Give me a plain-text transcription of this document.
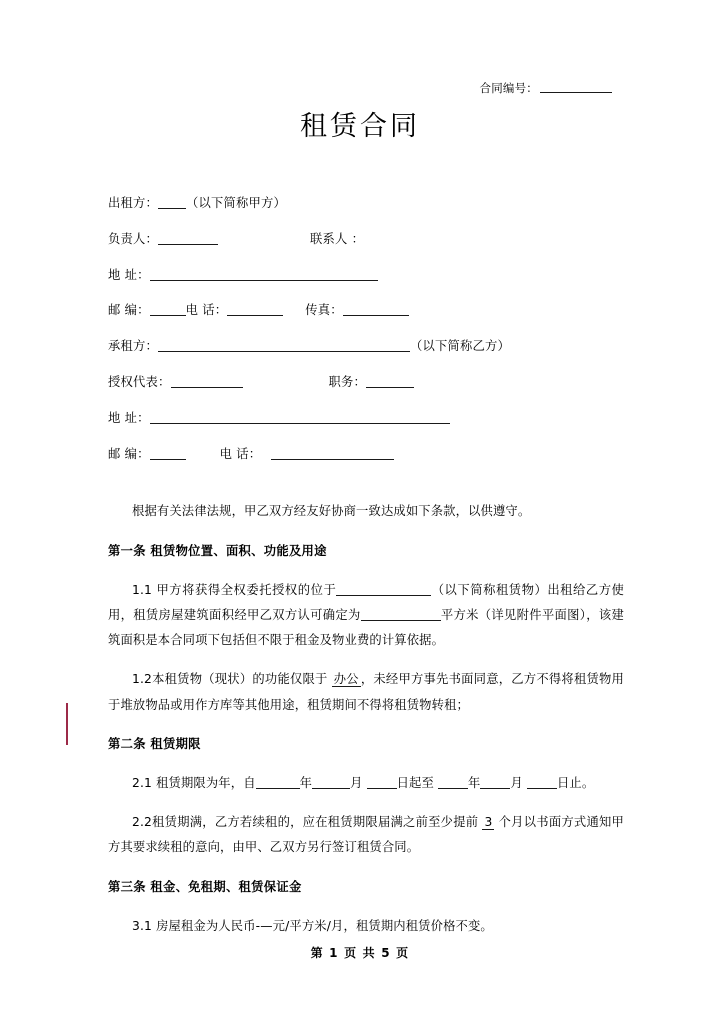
合同编号：
租赁合同

出租方： （以下简称甲方）

负责人：	联系人 ：

地 址：

邮 编：	电 话：	传真：

承租方：	（以下简称乙方）

授权代表：	职务：

地 址：

邮 编：	电 话：

根据有关法律法规，甲乙双方经友好协商一致达成如下条款，以供遵守。

第一条 租赁物位置、面积、功能及用途

1.1 甲方将获得全权委托授权的位于	（以下简称租赁物）出租给乙方使用，租赁房屋建筑面积经甲乙双方认可确定为	平方米（详见附件平面图），该建筑面积是本合同项下包括但不限于租金及物业费的计算依据。

1.2本租赁物（现状）的功能仅限于 办公 ，未经甲方事先书面同意，乙方不得将租赁物用于堆放物品或用作方库等其他用途，租赁期间不得将租赁物转租；

第二条 租赁期限

2.1 租赁期限为年，自	年	月 日起至 年 月 日止。

2.2租赁期满，乙方若续租的，应在租赁期限届满之前至少提前 3 个月以书面方式通知甲方其要求续租的意向，由甲、乙双方另行签订租赁合同。

第三条 租金、免租期、租赁保证金

3.1 房屋租金为人民币-—元/平方米/月，租赁期内租赁价格不变。

第 1 页 共 5 页
